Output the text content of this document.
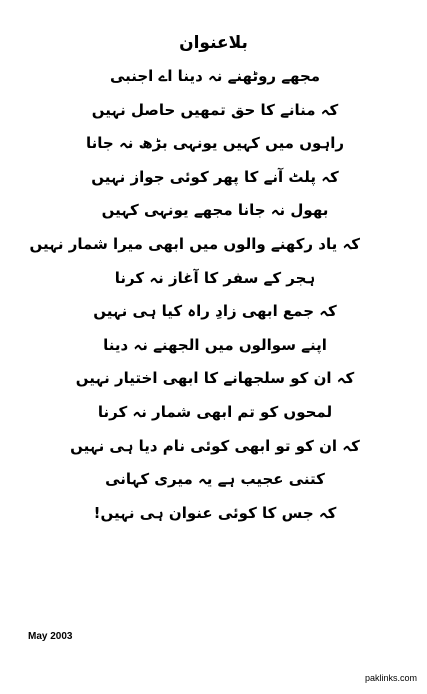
بلاعنوان
مجھے روٹھنے نہ دینا اے اجنبی
کہ منانے کا حق تمھیں حاصل نہیں
راہوں میں کہیں یونہی بڑھ نہ جانا
کہ پلٹ آنے کا پھر کوئی جواز نہیں
بھول نہ جانا مجھے یونہی کہیں
کہ یاد رکھنے والوں میں ابھی میرا شمار نہیں
ہجر کے سفر کا آغاز نہ کرنا
کہ جمع ابھی زادِ راہ کیا ہی نہیں
اپنے سوالوں میں الجھنے نہ دینا
کہ ان کو سلجھانے کا ابھی اختیار نہیں
لمحوں کو تم ابھی شمار نہ کرنا
کہ ان کو تو ابھی کوئی نام دیا ہی نہیں
کتنی عجیب ہے یہ میری کہانی
کہ جس کا کوئی عنوان ہی نہیں!
May 2003
paklinks.com
